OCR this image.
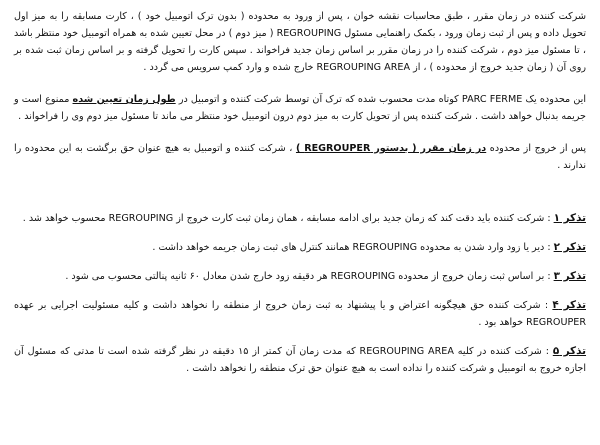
شرکت کننده در زمان مقرر ، طبق محاسبات نقشه خوان ، پس از ورود به محدوده ( بدون ترک اتومبیل خود ) ، کارت مسابقه را به میز اول تحویل داده و پس از ثبت زمان ورود ، بکمک راهنمایی مسئول REGROUPING ( میز دوم ) در محل تعیین شده به همراه اتومبیل خود منتظر باشد ، تا مسئول میز دوم ، شرکت کننده را در زمان مقرر بر اساس زمان جدید فراخواند . سپس کارت را تحویل گرفته و بر اساس زمان ثبت شده بر روی آن ( زمان جدید خروج از محدوده ) ، از REGROUPING AREA خارج شده و وارد کمپ سرویس می گردد .

این محدوده یک PARC FERME کوتاه مدت محسوب شده که ترک آن توسط شرکت کننده و اتومبیل در طول زمان تعیین شده ممنوع است و جریمه بدنبال خواهد داشت . شرکت کننده پس از تحویل کارت به میز دوم درون اتومبیل خود منتظر می ماند تا مسئول میز دوم وی را فراخواند .

پس از خروج از محدوده در زمان مقرر ( بدستور REGROUPER ) ، شرکت کننده و اتومبیل به هیچ عنوان حق برگشت به این محدوده را ندارند .

تذکر ۱ : شرکت کننده باید دقت کند که زمان جدید برای ادامه مسابقه ، همان زمان ثبت کارت خروج از REGROUPING محسوب خواهد شد .

تذکر ۲ : دیر یا زود وارد شدن به محدوده REGROUPING همانند کنترل های ثبت زمان جریمه خواهد داشت .

تذکر ۳ : بر اساس ثبت زمان خروج از محدوده REGROUPING هر دقیقه زود خارج شدن معادل ۶۰ ثانیه پنالتی محسوب می شود .

تذکر ۴ : شرکت کننده حق هیچگونه اعتراض و یا پیشنهاد به ثبت زمان خروج از منطقه را نخواهد داشت و کلیه مسئولیت اجرایی بر عهده REGROUPER خواهد بود .

تذکر ۵ : شرکت کننده در کلیه REGROUPING AREA که مدت زمان آن کمتر از ۱۵ دقیقه در نظر گرفته شده است تا مدتی که مسئول آن اجازه خروج به اتومبیل و شرکت کننده را نداده است به هیچ عنوان حق ترک منطقه را نخواهد داشت .
